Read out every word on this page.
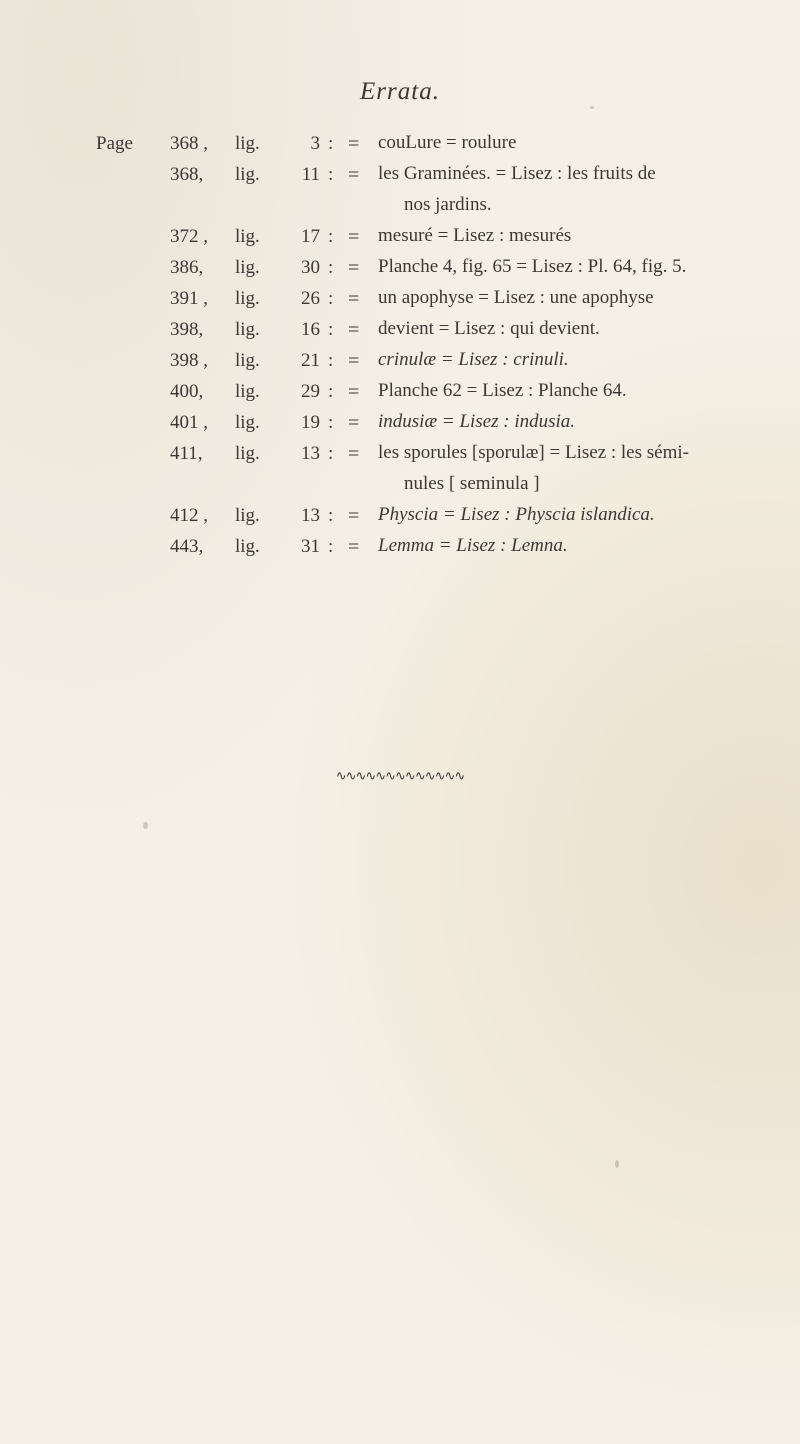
Errata.
Page	368 ,	lig.	3 : = couLure = roulure
368,	lig.	11 : = les Graminées. = Lisez : les fruits de
nos jardins.
372 ,	lig.	17 : = mesuré = Lisez : mesurés
386,	lig.	30 : = Planche 4, fig. 65 = Lisez : Pl. 64, fig. 5.
391 ,	lig.	26 : = un apophyse = Lisez : une apophyse
398,	lig.	16 : = devient = Lisez : qui devient.
398 ,	lig.	21 : = crinulæ = Lisez : crinuli.
400,	lig.	29 : = Planche 62 = Lisez : Planche 64.
401 ,	lig.	19 : = indusiæ = Lisez : indusia.
411,	lig.	13 : = les sporules [sporulæ] = Lisez : les sémi-
nules [ seminula ]
412 ,	lig.	13 : = Physcia = Lisez : Physcia islandica.
443,	lig.	31 : = Lemma = Lisez : Lemna.
∿∿∿∿∿∿∿∿∿∿∿∿∿
